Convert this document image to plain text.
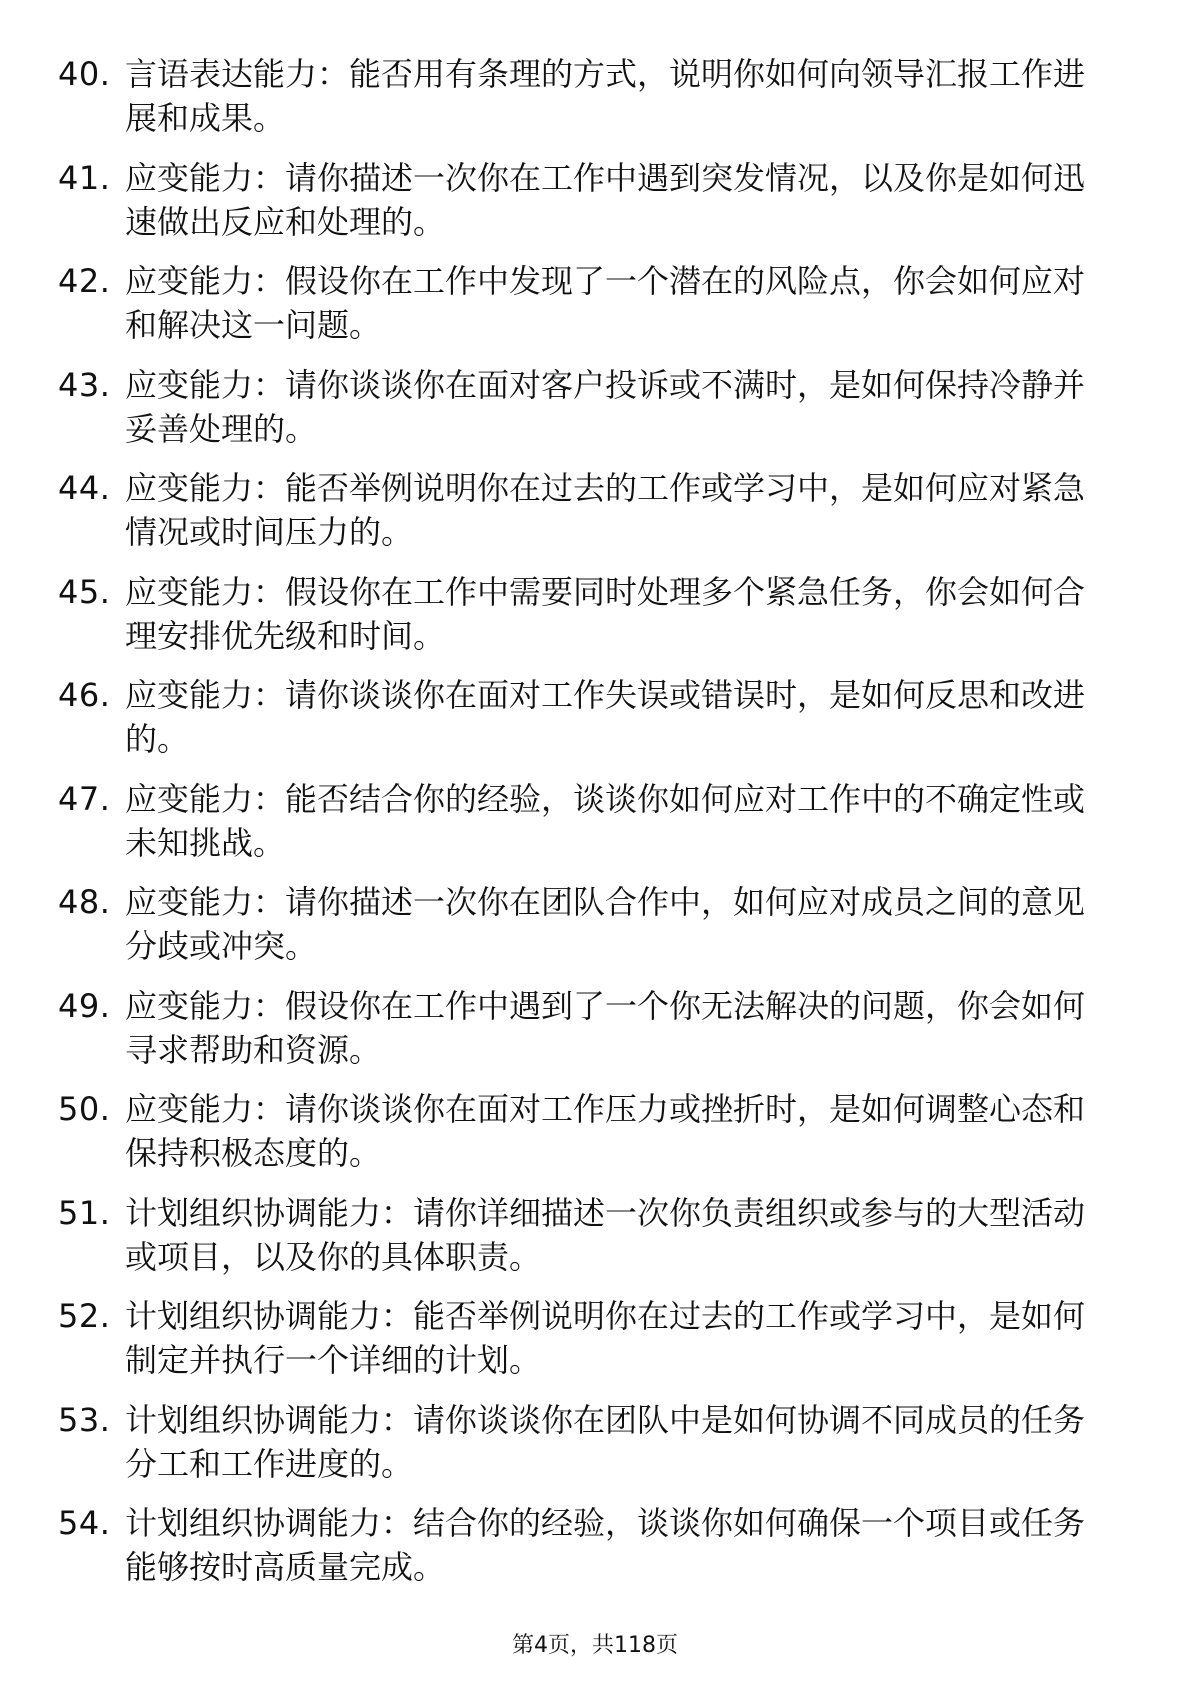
40. 言语表达能力：能否用有条理的方式，说明你如何向领导汇报工作进展和成果。
41. 应变能力：请你描述一次你在工作中遇到突发情况，以及你是如何迅速做出反应和处理的。
42. 应变能力：假设你在工作中发现了一个潜在的风险点，你会如何应对和解决这一问题。
43. 应变能力：请你谈谈你在面对客户投诉或不满时，是如何保持冷静并妥善处理的。
44. 应变能力：能否举例说明你在过去的工作或学习中，是如何应对紧急情况或时间压力的。
45. 应变能力：假设你在工作中需要同时处理多个紧急任务，你会如何合理安排优先级和时间。
46. 应变能力：请你谈谈你在面对工作失误或错误时，是如何反思和改进的。
47. 应变能力：能否结合你的经验，谈谈你如何应对工作中的不确定性或未知挑战。
48. 应变能力：请你描述一次你在团队合作中，如何应对成员之间的意见分歧或冲突。
49. 应变能力：假设你在工作中遇到了一个你无法解决的问题，你会如何寻求帮助和资源。
50. 应变能力：请你谈谈你在面对工作压力或挫折时，是如何调整心态和保持积极态度的。
51. 计划组织协调能力：请你详细描述一次你负责组织或参与的大型活动或项目，以及你的具体职责。
52. 计划组织协调能力：能否举例说明你在过去的工作或学习中，是如何制定并执行一个详细的计划。
53. 计划组织协调能力：请你谈谈你在团队中是如何协调不同成员的任务分工和工作进度的。
54. 计划组织协调能力：结合你的经验，谈谈你如何确保一个项目或任务能够按时高质量完成。
第4页，共118页
